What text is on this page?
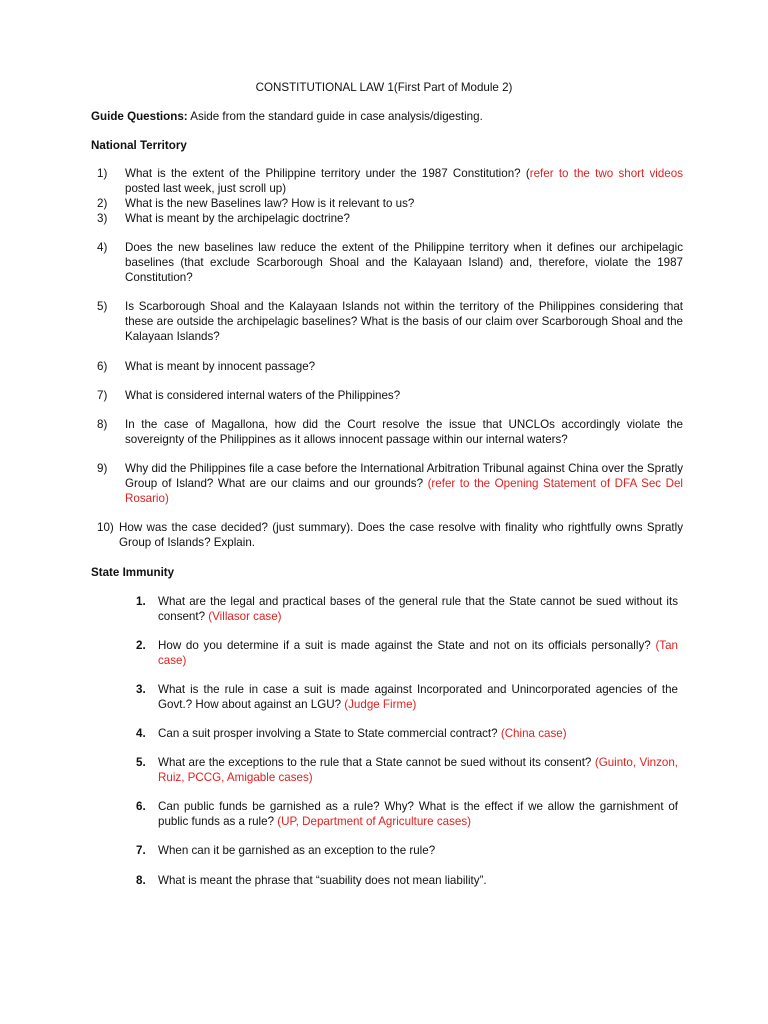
CONSTITUTIONAL LAW 1(First Part of Module 2)
Guide Questions: Aside from the standard guide in case analysis/digesting.
National Territory
1) What is the extent of the Philippine territory under the 1987 Constitution? (refer to the two short videos posted last week, just scroll up)
2) What is the new Baselines law? How is it relevant to us?
3) What is meant by the archipelagic doctrine?
4) Does the new baselines law reduce the extent of the Philippine territory when it defines our archipelagic baselines (that exclude Scarborough Shoal and the Kalayaan Island) and, therefore, violate the 1987 Constitution?
5) Is Scarborough Shoal and the Kalayaan Islands not within the territory of the Philippines considering that these are outside the archipelagic baselines? What is the basis of our claim over Scarborough Shoal and the Kalayaan Islands?
6) What is meant by innocent passage?
7) What is considered internal waters of the Philippines?
8) In the case of Magallona, how did the Court resolve the issue that UNCLOs accordingly violate the sovereignty of the Philippines as it allows innocent passage within our internal waters?
9) Why did the Philippines file a case before the International Arbitration Tribunal against China over the Spratly Group of Island? What are our claims and our grounds? (refer to the Opening Statement of DFA Sec Del Rosario)
10) How was the case decided? (just summary). Does the case resolve with finality who rightfully owns Spratly Group of Islands? Explain.
State Immunity
1. What are the legal and practical bases of the general rule that the State cannot be sued without its consent? (Villasor case)
2. How do you determine if a suit is made against the State and not on its officials personally? (Tan case)
3. What is the rule in case a suit is made against Incorporated and Unincorporated agencies of the Govt.? How about against an LGU? (Judge Firme)
4. Can a suit prosper involving a State to State commercial contract? (China case)
5. What are the exceptions to the rule that a State cannot be sued without its consent? (Guinto, Vinzon, Ruiz, PCCG, Amigable cases)
6. Can public funds be garnished as a rule? Why? What is the effect if we allow the garnishment of public funds as a rule? (UP, Department of Agriculture cases)
7. When can it be garnished as an exception to the rule?
8. What is meant the phrase that “suability does not mean liability”.
